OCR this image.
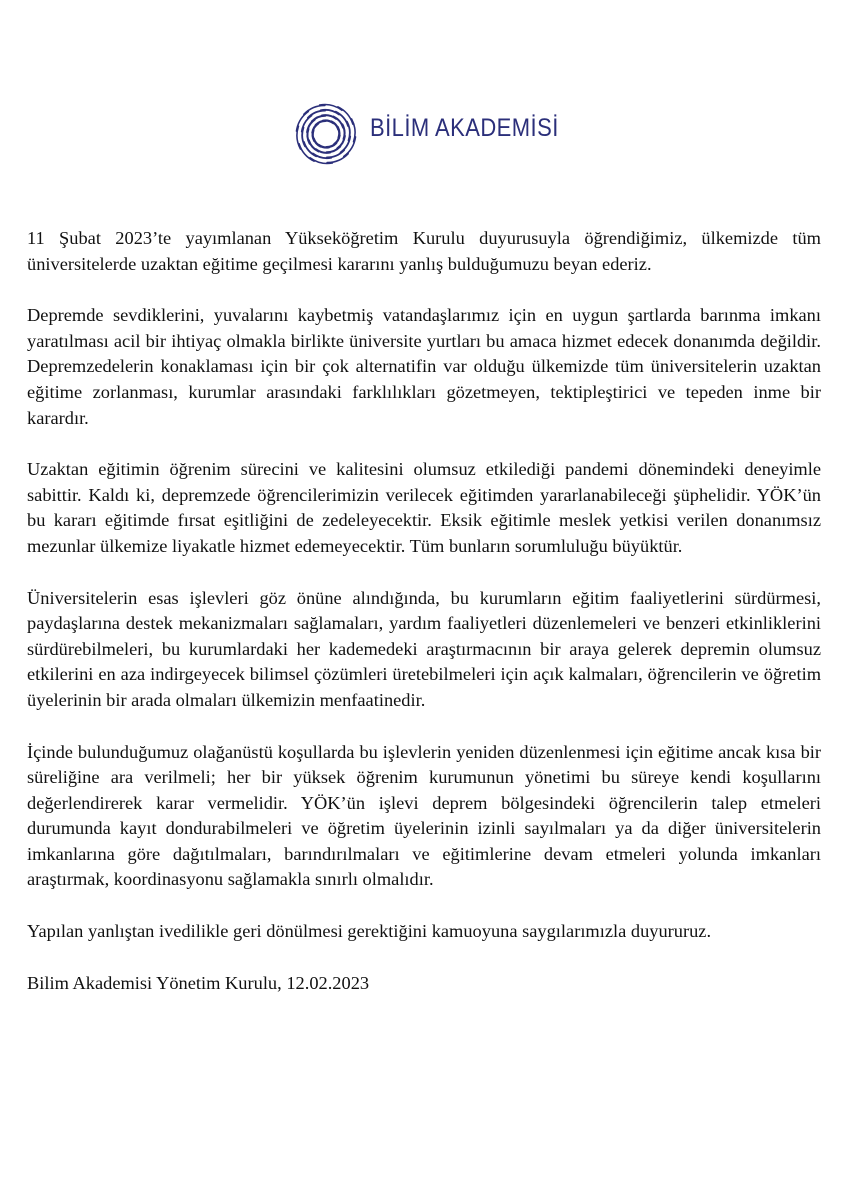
BİLİM AKADEMİSİ

11 Şubat 2023’te yayımlanan Yükseköğretim Kurulu duyurusuyla öğrendiğimiz, ülkemizde tüm üniversitelerde uzaktan eğitime geçilmesi kararını yanlış bulduğumuzu beyan ederiz.

Depremde sevdiklerini, yuvalarını kaybetmiş vatandaşlarımız için en uygun şartlarda barınma imkanı yaratılması acil bir ihtiyaç olmakla birlikte üniversite yurtları bu amaca hizmet edecek donanımda değildir. Depremzedelerin konaklaması için bir çok alternatifin var olduğu ülkemizde tüm üniversitelerin uzaktan eğitime zorlanması, kurumlar arasındaki farklılıkları gözetmeyen, tektipleştirici ve tepeden inme bir karardır.

Uzaktan eğitimin öğrenim sürecini ve kalitesini olumsuz etkilediği pandemi dönemindeki deneyimle sabittir. Kaldı ki, depremzede öğrencilerimizin verilecek eğitimden yararlanabileceği şüphelidir. YÖK’ün bu kararı eğitimde fırsat eşitliğini de zedeleyecektir. Eksik eğitimle meslek yetkisi verilen donanımsız mezunlar ülkemize liyakatle hizmet edemeyecektir. Tüm bunların sorumluluğu büyüktür.

Üniversitelerin esas işlevleri göz önüne alındığında, bu kurumların eğitim faaliyetlerini sürdürmesi, paydaşlarına destek mekanizmaları sağlamaları, yardım faaliyetleri düzenlemeleri ve benzeri etkinliklerini sürdürebilmeleri, bu kurumlardaki her kademedeki araştırmacının bir araya gelerek depremin olumsuz etkilerini en aza indirgeyecek bilimsel çözümleri üretebilmeleri için açık kalmaları, öğrencilerin ve öğretim üyelerinin bir arada olmaları ülkemizin menfaatinedir.

İçinde bulunduğumuz olağanüstü koşullarda bu işlevlerin yeniden düzenlenmesi için eğitime ancak kısa bir süreliğine ara verilmeli; her bir yüksek öğrenim kurumunun yönetimi bu süreye kendi koşullarını değerlendirerek karar vermelidir. YÖK’ün işlevi deprem bölgesindeki öğrencilerin talep etmeleri durumunda kayıt dondurabilmeleri ve öğretim üyelerinin izinli sayılmaları ya da diğer üniversitelerin imkanlarına göre dağıtılmaları, barındırılmaları ve eğitimlerine devam etmeleri yolunda imkanları araştırmak, koordinasyonu sağlamakla sınırlı olmalıdır.

Yapılan yanlıştan ivedilikle geri dönülmesi gerektiğini kamuoyuna saygılarımızla duyururuz.

Bilim Akademisi Yönetim Kurulu, 12.02.2023
